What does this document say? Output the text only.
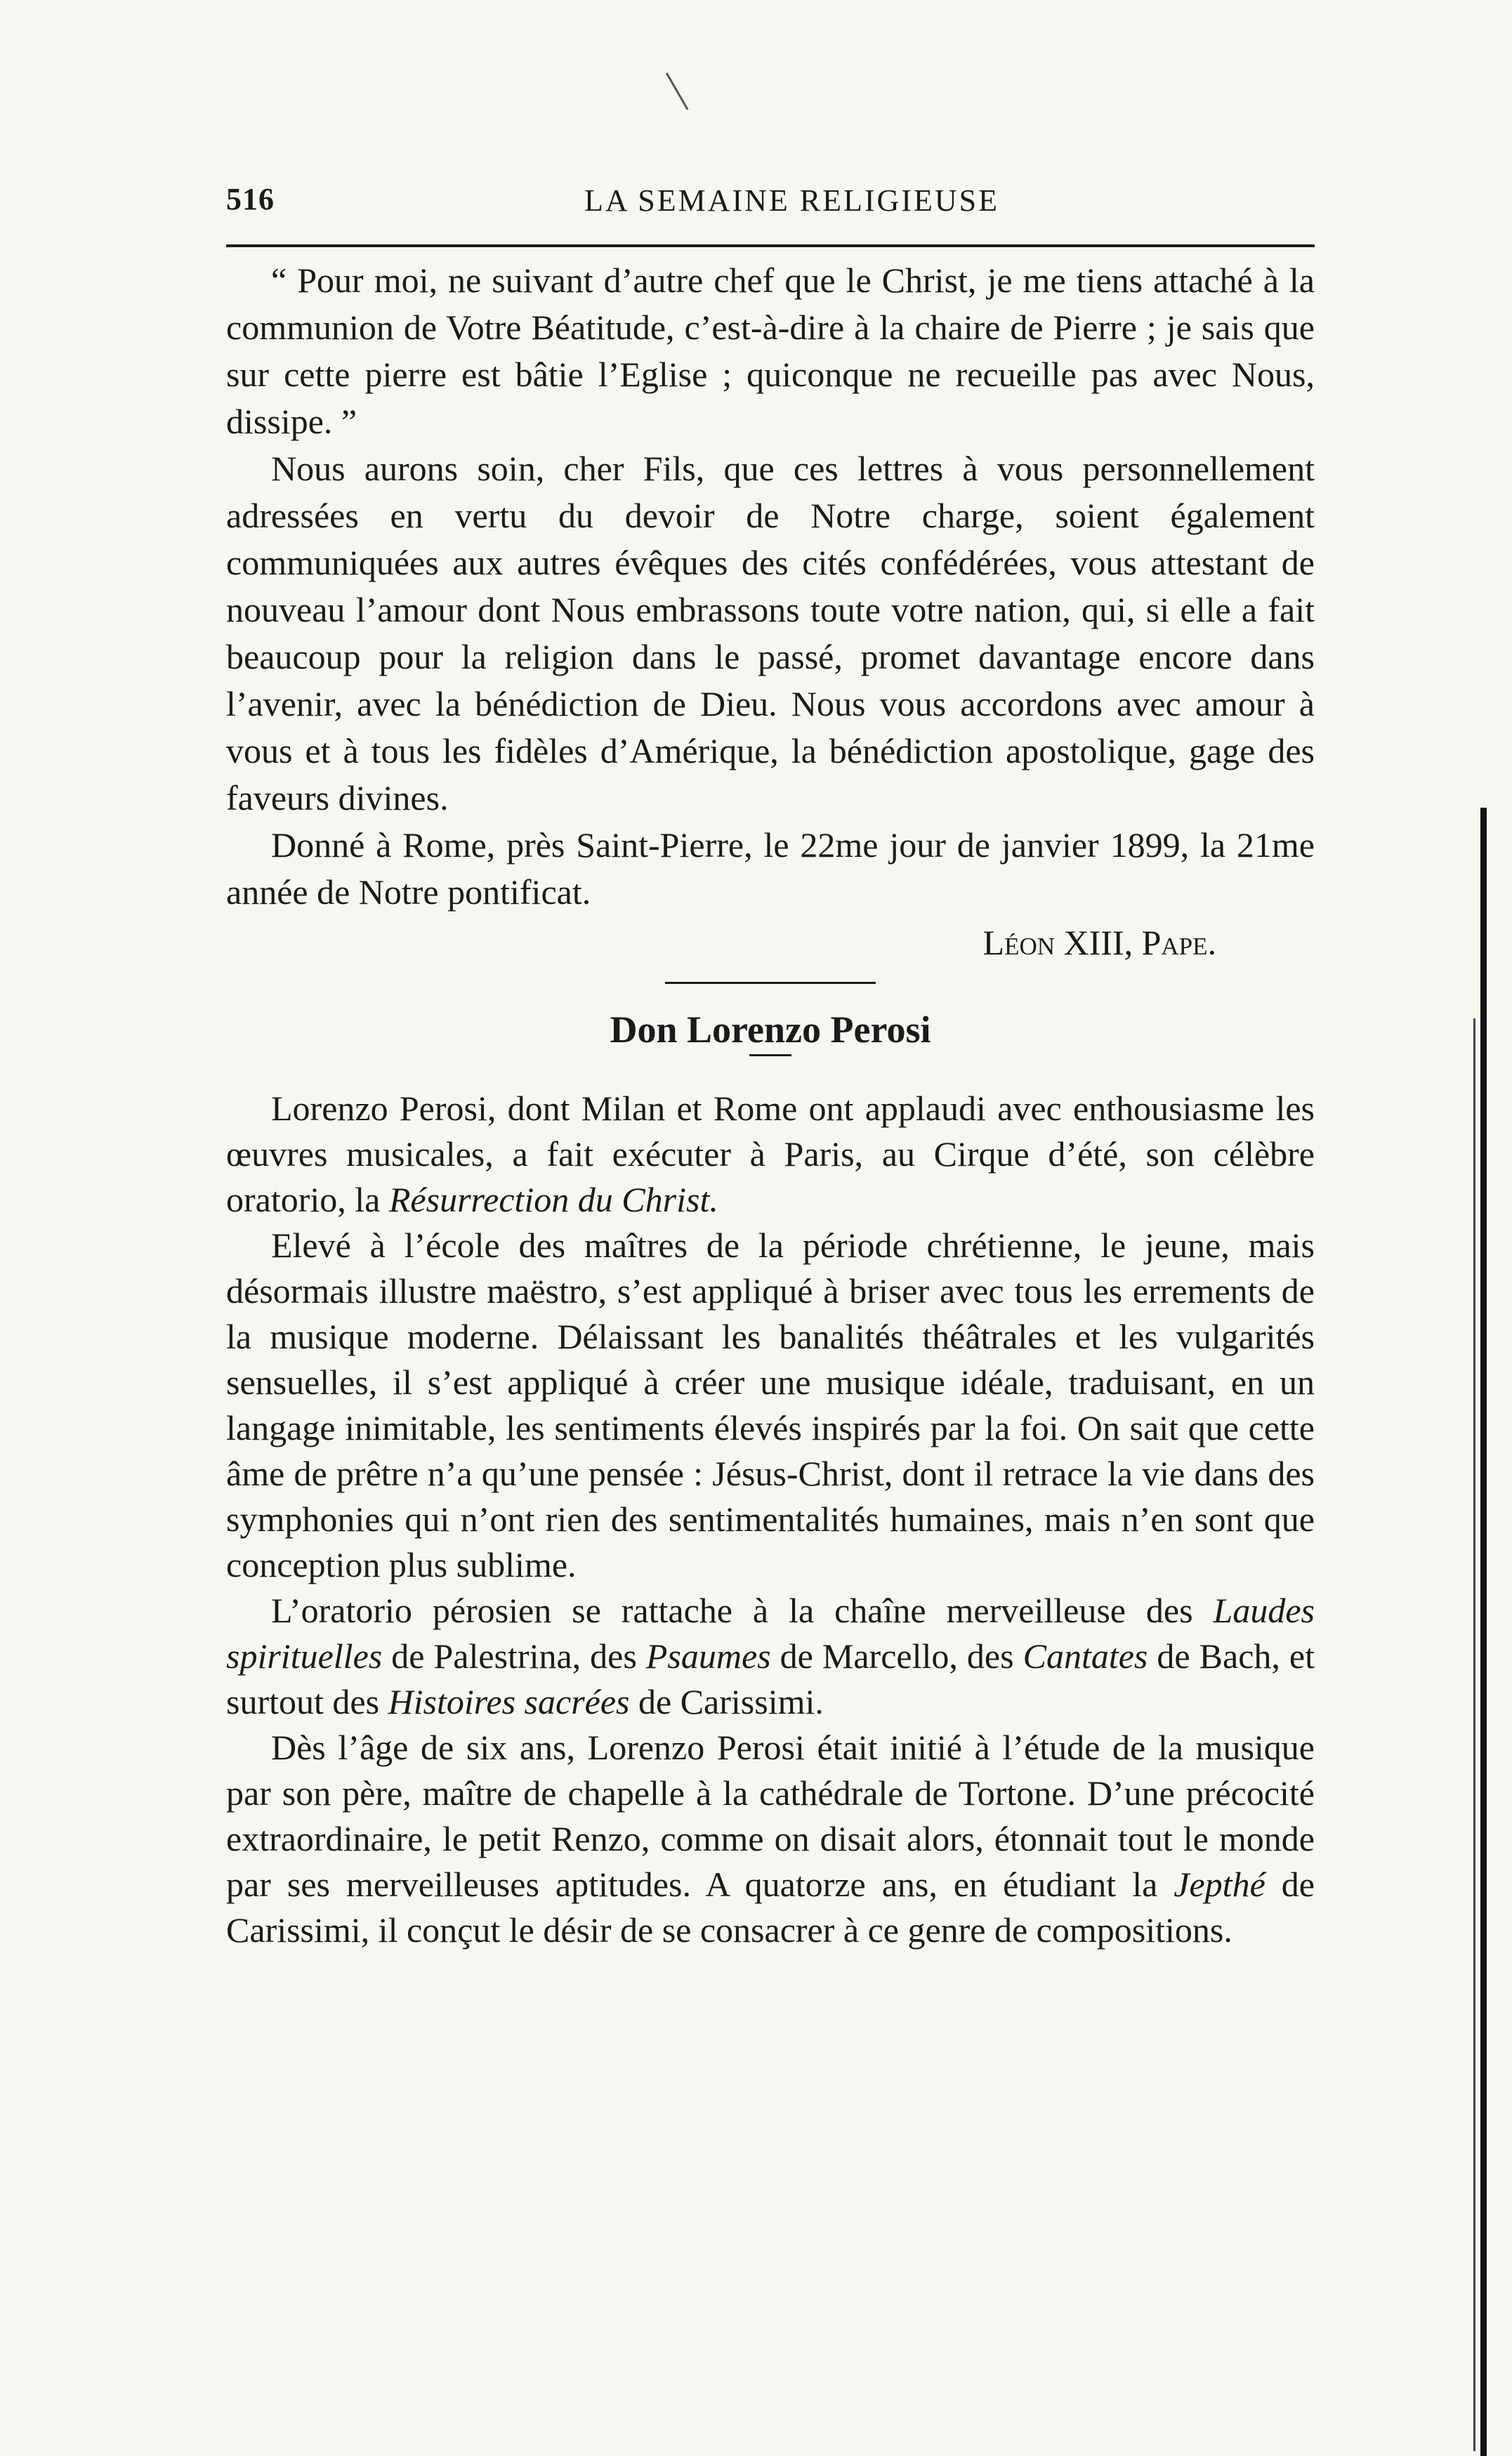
516	LA SEMAINE RELIGIEUSE

“ Pour moi, ne suivant d’autre chef que le Christ, je me tiens attaché à la communion de Votre Béatitude, c’est-à-dire à la chaire de Pierre ; je sais que sur cette pierre est bâtie l’Eglise ; quiconque ne recueille pas avec Nous, dissipe. ”

Nous aurons soin, cher Fils, que ces lettres à vous personnellement adressées en vertu du devoir de Notre charge, soient également communiquées aux autres évêques des cités confédérées, vous attestant de nouveau l’amour dont Nous embrassons toute votre nation, qui, si elle a fait beaucoup pour la religion dans le passé, promet davantage encore dans l’avenir, avec la bénédiction de Dieu. Nous vous accordons avec amour à vous et à tous les fidèles d’Amérique, la bénédiction apostolique, gage des faveurs divines.

Donné à Rome, près Saint-Pierre, le 22me jour de janvier 1899, la 21me année de Notre pontificat.

Léon XIII, Pape.

Don Lorenzo Perosi

Lorenzo Perosi, dont Milan et Rome ont applaudi avec enthousiasme les œuvres musicales, a fait exécuter à Paris, au Cirque d’été, son célèbre oratorio, la Résurrection du Christ.

Elevé à l’école des maîtres de la période chrétienne, le jeune, mais désormais illustre maëstro, s’est appliqué à briser avec tous les errements de la musique moderne. Délaissant les banalités théâtrales et les vulgarités sensuelles, il s’est appliqué à créer une musique idéale, traduisant, en un langage inimitable, les sentiments élevés inspirés par la foi. On sait que cette âme de prêtre n’a qu’une pensée : Jésus-Christ, dont il retrace la vie dans des symphonies qui n’ont rien des sentimentalités humaines, mais n’en sont que conception plus sublime.

L’oratorio pérosien se rattache à la chaîne merveilleuse des Laudes spirituelles de Palestrina, des Psaumes de Marcello, des Cantates de Bach, et surtout des Histoires sacrées de Carissimi.

Dès l’âge de six ans, Lorenzo Perosi était initié à l’étude de la musique par son père, maître de chapelle à la cathédrale de Tortone. D’une précocité extraordinaire, le petit Renzo, comme on disait alors, étonnait tout le monde par ses merveilleuses aptitudes. A quatorze ans, en étudiant la Jepthé de Carissimi, il conçut le désir de se consacrer à ce genre de compositions.
